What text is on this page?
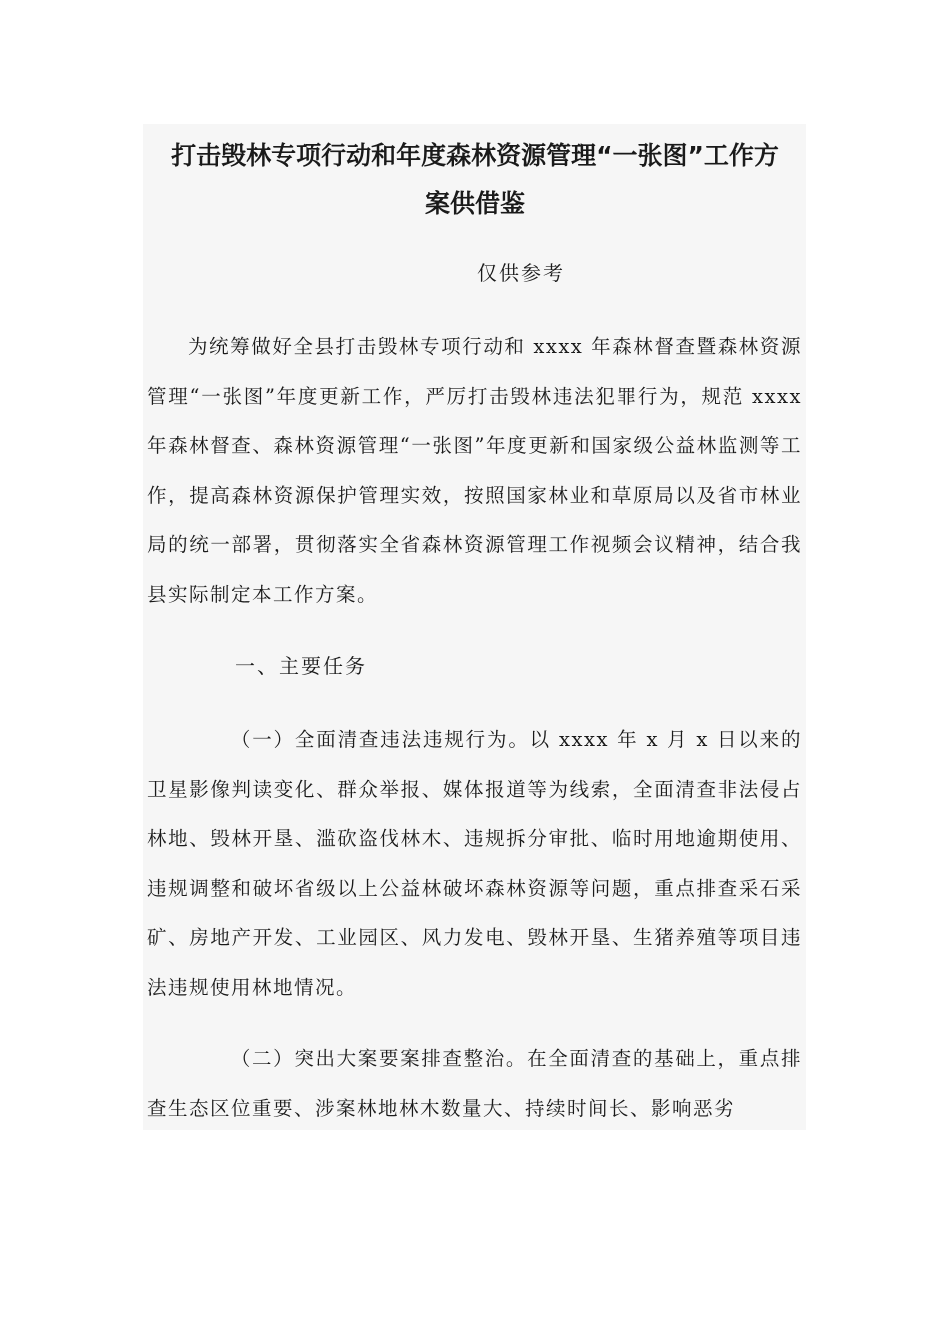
打击毁林专项行动和年度森林资源管理“一张图”工作方
案供借鉴
仅供参考

为统筹做好全县打击毁林专项行动和 xxxx 年森林督查暨森林资源管理“一张图”年度更新工作，严厉打击毁林违法犯罪行为，规范 xxxx 年森林督查、森林资源管理“一张图”年度更新和国家级公益林监测等工作，提高森林资源保护管理实效，按照国家林业和草原局以及省市林业局的统一部署，贯彻落实全省森林资源管理工作视频会议精神，结合我县实际制定本工作方案。

一、主要任务

（一）全面清查违法违规行为。以 xxxx 年 x 月 x 日以来的卫星影像判读变化、群众举报、媒体报道等为线索，全面清查非法侵占林地、毁林开垦、滥砍盗伐林木、违规拆分审批、临时用地逾期使用、违规调整和破坏省级以上公益林破坏森林资源等问题，重点排查采石采矿、房地产开发、工业园区、风力发电、毁林开垦、生猪养殖等项目违法违规使用林地情况。

（二）突出大案要案排查整治。在全面清查的基础上，重点排查生态区位重要、涉案林地林木数量大、持续时间长、影响恶劣
